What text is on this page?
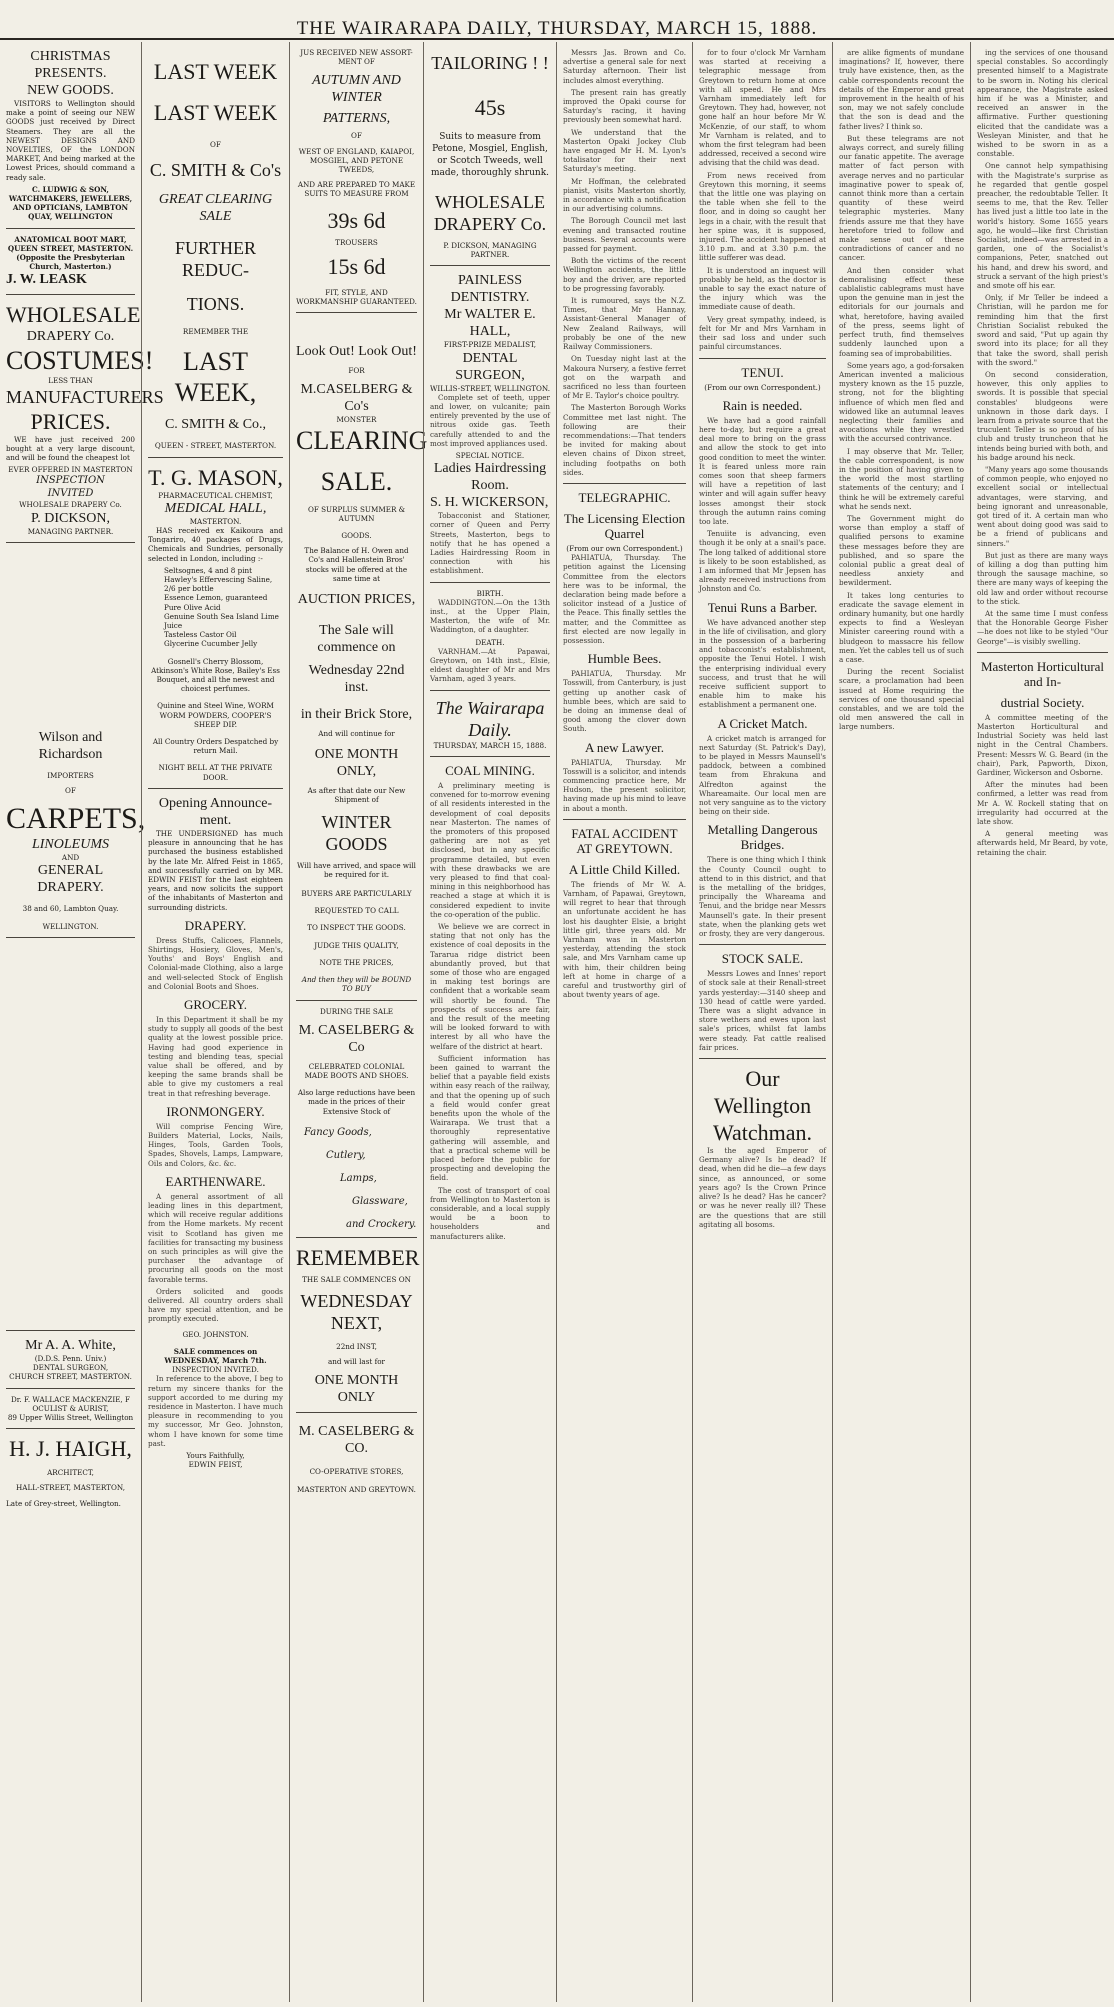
THE WAIRARAPA DAILY, THURSDAY, MARCH 15, 1888.
CHRISTMAS PRESENTS.
NEW GOODS.

VISITORS to Wellington should make a point of seeing our NEW GOODS just received by Direct Steamers. They are all the NEWEST DESIGNS AND NOVELTIES, OF the LONDON MARKET, And being marked at the Lowest Prices, should command a ready sale.

C. LUDWIG & SON, WATCHMAKERS, JEWELLERS, AND OPTICIANS, LAMBTON QUAY, WELLINGTON
ANATOMICAL BOOT MART, QUEEN STREET, MASTERTON. (Opposite the Presbyterian Church, Masterton.)
J. W. LEASK
WHOLESALE
DRAPERY Co.
COSTUMES!
LESS THAN
MANUFACTURERS
PRICES.

WE have just received 200 bought at a very large discount, and will be found the cheapest lot

EVER OFFERED IN MASTERTON
INSPECTION
INVITED
WHOLESALE DRAPERY Co.
P. DICKSON,
MANAGING PARTNER.
Wilson and Richardson
IMPORTERS
OF
CARPETS,
LINOLEUMS
AND
GENERAL DRAPERY.
38 and 60, Lambton Quay.
WELLINGTON.
Mr A. A. White,
(D.D.S. Penn. Univ.)
DENTAL SURGEON,
CHURCH STREET, MASTERTON.
Dr. F. WALLACE MACKENZIE, F
OCULIST & AURIST,
89 Upper Willis Street, Wellington
H. J. HAIGH,
ARCHITECT,
HALL-STREET, MASTERTON,
Late of Grey-street, Wellington.
LAST WEEK
LAST WEEK
OF
C. SMITH & Co's
GREAT CLEARING SALE
FURTHER REDUC-
TIONS.
REMEMBER THE
LAST WEEK,
C. SMITH & Co.,
QUEEN - STREET, MASTERTON.
T. G. MASON,
PHARMACEUTICAL CHEMIST,
MEDICAL HALL,
MASTERTON.

HAS received ex Kaikoura and Tongariro, 40 packages of Drugs, Chemicals and Sundries, personally selected in London, including :-

Seltsognes, 4 and 8 pint
Hawley's Effervescing Saline, 2/6 per bottle
Essence Lemon, guaranteed
Pure Olive Acid
Genuine South Sea Island Lime Juice
Tasteless Castor Oil
Glycerine Cucumber Jelly
Gosnell's Cherry Blossom, Atkinson's White Rose, Bailey's Ess Bouquet, and all the newest and choicest perfumes.
Quinine and Steel Wine, WORM WORM POWDERS, COOPER'S SHEEP DIP.
All Country Orders Despatched by return Mail.
NIGHT BELL AT THE PRIVATE DOOR.
Opening Announce-
ment.

THE UNDERSIGNED has much pleasure in announcing that he has purchased the business established by the late Mr. Alfred Feist in 1865, and successfully carried on by MR. EDWIN FEIST for the last eighteen years, and now solicits the support of the inhabitants of Masterton and surrounding districts.

DRAPERY.

Dress Stuffs, Calicoes, Flannels, Shirtings, Hosiery, Gloves, Men's, Youths' and Boys' English and Colonial-made Clothing, also a large and well-selected Stock of English and Colonial Boots and Shoes.

GROCERY.

In this Department it shall be my study to supply all goods of the best quality at the lowest possible price. Having had good experience in testing and blending teas, special value shall be offered, and by keeping the same brands shall be able to give my customers a real treat in that refreshing beverage.

IRONMONGERY.

Will comprise Fencing Wire, Builders Material, Locks, Nails, Hinges, Tools, Garden Tools, Spades, Shovels, Lamps, Lampware, Oils and Colors, &c. &c.

EARTHENWARE.

A general assortment of all leading lines in this department, which will receive regular additions from the Home markets. My recent visit to Scotland has given me facilities for transacting my business on such principles as will give the purchaser the advantage of procuring all goods on the most favorable terms.

Orders solicited and goods delivered. All country orders shall have my special attention, and be promptly executed.

GEO. JOHNSTON.
SALE commences on WEDNESDAY, March 7th.
INSPECTION INVITED.

In reference to the above, I beg to return my sincere thanks for the support accorded to me during my residence in Masterton. I have much pleasure in recommending to you my successor, Mr Geo. Johnston, whom I have known for some time past.

Yours Faithfully,
EDWIN FEIST,
JUS RECEIVED NEW ASSORT-MENT OF
AUTUMN AND WINTER
PATTERNS,
OF
WEST OF ENGLAND, KAIAPOI, MOSGIEL, AND PETONE TWEEDS,
AND ARE PREPARED TO MAKE SUITS TO MEASURE FROM
39s 6d
TROUSERS
15s 6d
FIT, STYLE, AND WORKMANSHIP GUARANTEED.
Look Out! Look Out!
FOR
M.CASELBERG & Co's
MONSTER
CLEARING
SALE.
OF SURPLUS SUMMER & AUTUMN
GOODS.
The Balance of H. Owen and Co's and Hallenstein Bros' stocks will be offered at the same time at
AUCTION PRICES,
The Sale will commence on
Wednesday 22nd inst.
in their Brick Store,
And will continue for
ONE MONTH ONLY,
As after that date our New Shipment of
WINTER GOODS
Will have arrived, and space will be required for it.
BUYERS ARE PARTICULARLY
REQUESTED TO CALL
TO INSPECT THE GOODS.
JUDGE THIS QUALITY,
NOTE THE PRICES,
And then they will be BOUND TO BUY
DURING THE SALE
M. CASELBERG & Co
CELEBRATED COLONIAL MADE BOOTS AND SHOES.
Also large reductions have been made in the prices of their Extensive Stock of
Fancy Goods,
Cutlery,
Lamps,
Glassware,
and Crockery.
REMEMBER
THE SALE COMMENCES ON
WEDNESDAY NEXT,
22nd INST,
and will last for
ONE MONTH ONLY
M. CASELBERG & CO.
CO-OPERATIVE STORES,
MASTERTON AND GREYTOWN.
TAILORING ! !
45s
Suits to measure from Petone, Mosgiel, English, or Scotch Tweeds, well made, thoroughly shrunk.
WHOLESALE
DRAPERY Co.
P. DICKSON, MANAGING PARTNER.
PAINLESS DENTISTRY.
Mr WALTER E. HALL,
FIRST-PRIZE MEDALIST,
DENTAL SURGEON,
WILLIS-STREET, WELLINGTON.

Complete set of teeth, upper and lower, on vulcanite; pain entirely prevented by the use of nitrous oxide gas. Teeth carefully attended to and the most improved appliances used.

SPECIAL NOTICE.
Ladies Hairdressing
Room.
S. H. WICKERSON,

Tobacconist and Stationer, corner of Queen and Perry Streets, Masterton, begs to notify that he has opened a Ladies Hairdressing Room in connection with his establishment.

BIRTH.

WADDINGTON.—On the 13th inst., at the Upper Plain, Masterton, the wife of Mr. Waddington, of a daughter.

DEATH.

VARNHAM.—At Papawai, Greytown, on 14th inst., Elsie, eldest daughter of Mr and Mrs Varnham, aged 3 years.

The Wairarapa Daily.
THURSDAY, MARCH 15, 1888.
COAL MINING.

A preliminary meeting is convened for to-morrow evening of all residents interested in the development of coal deposits near Masterton. The names of the promoters of this proposed gathering are not as yet disclosed, but in any specific programme detailed, but even with these drawbacks we are very pleased to find that coal-mining in this neighborhood has reached a stage at which it is considered expedient to invite the co-operation of the public.

We believe we are correct in stating that not only has the existence of coal deposits in the Tararua ridge district been abundantly proved, but that some of those who are engaged in making test borings are confident that a workable seam will shortly be found. The prospects of success are fair, and the result of the meeting will be looked forward to with interest by all who have the welfare of the district at heart.

Sufficient information has been gained to warrant the belief that a payable field exists within easy reach of the railway, and that the opening up of such a field would confer great benefits upon the whole of the Wairarapa. We trust that a thoroughly representative gathering will assemble, and that a practical scheme will be placed before the public for prospecting and developing the field.

The cost of transport of coal from Wellington to Masterton is considerable, and a local supply would be a boon to householders and manufacturers alike.

Messrs Jas. Brown and Co. advertise a general sale for next Saturday afternoon. Their list includes almost everything.

The present rain has greatly improved the Opaki course for Saturday's racing, it having previously been somewhat hard.

We understand that the Masterton Opaki Jockey Club have engaged Mr H. M. Lyon's totalisator for their next Saturday's meeting.

Mr Hoffman, the celebrated pianist, visits Masterton shortly, in accordance with a notification in our advertising columns.

The Borough Council met last evening and transacted routine business. Several accounts were passed for payment.

Both the victims of the recent Wellington accidents, the little boy and the driver, are reported to be progressing favorably.

It is rumoured, says the N.Z. Times, that Mr Hannay, Assistant-General Manager of New Zealand Railways, will probably be one of the new Railway Commissioners.

On Tuesday night last at the Makoura Nursery, a festive ferret got on the warpath and sacrificed no less than fourteen of Mr E. Taylor's choice poultry.

The Masterton Borough Works Committee met last night. The following are their recommendations:—That tenders be invited for making about eleven chains of Dixon street, including footpaths on both sides.

TELEGRAPHIC.
The Licensing Election Quarrel
(From our own Correspondent.)

PAHIATUA, Thursday. The petition against the Licensing Committee from the electors here was to be informal, the declaration being made before a solicitor instead of a Justice of the Peace. This finally settles the matter, and the Committee as first elected are now legally in possession.

Humble Bees.

PAHIATUA, Thursday. Mr Tosswill, from Canterbury, is just getting up another cask of humble bees, which are said to be doing an immense deal of good among the clover down South.

A new Lawyer.

PAHIATUA, Thursday. Mr Tosswill is a solicitor, and intends commencing practice here, Mr Hudson, the present solicitor, having made up his mind to leave in about a month.

FATAL ACCIDENT AT GREYTOWN.
A Little Child Killed.

The friends of Mr W. A. Varnham, of Papawai, Greytown, will regret to hear that through an unfortunate accident he has lost his daughter Elsie, a bright little girl, three years old. Mr Varnham was in Masterton yesterday, attending the stock sale, and Mrs Varnham came up with him, their children being left at home in charge of a careful and trustworthy girl of about twenty years of age.

for to four o'clock Mr Varnham was started at receiving a telegraphic message from Greytown to return home at once with all speed. He and Mrs Varnham immediately left for Greytown. They had, however, not gone half an hour before Mr W. McKenzie, of our staff, to whom Mr Varnham is related, and to whom the first telegram had been addressed, received a second wire advising that the child was dead.

From news received from Greytown this morning, it seems that the little one was playing on the table when she fell to the floor, and in doing so caught her legs in a chair, with the result that her spine was, it is supposed, injured. The accident happened at 3.10 p.m. and at 3.30 p.m. the little sufferer was dead.

It is understood an inquest will probably be held, as the doctor is unable to say the exact nature of the injury which was the immediate cause of death.

Very great sympathy, indeed, is felt for Mr and Mrs Varnham in their sad loss and under such painful circumstances.

TENUI.
(From our own Correspondent.)
Rain is needed.

We have had a good rainfall here to-day, but require a great deal more to bring on the grass and allow the stock to get into good condition to meet the winter. It is feared unless more rain comes soon that sheep farmers will have a repetition of last winter and will again suffer heavy losses amongst their stock through the autumn rains coming too late.

Tenuiite is advancing, even though it be only at a snail's pace. The long talked of additional store is likely to be soon established, as I am informed that Mr Jepsen has already received instructions from Johnston and Co.

Tenui Runs a Barber.

We have advanced another step in the life of civilisation, and glory in the possession of a barbering and tobacconist's establishment, opposite the Tenui Hotel. I wish the enterprising individual every success, and trust that he will receive sufficient support to enable him to make his establishment a permanent one.

A Cricket Match.

A cricket match is arranged for next Saturday (St. Patrick's Day), to be played in Messrs Maunsell's paddock, between a combined team from Ehrakuna and Alfredton against the Whareamaite. Our local men are not very sanguine as to the victory being on their side.

Metalling Dangerous Bridges.

There is one thing which I think the County Council ought to attend to in this district, and that is the metalling of the bridges, principally the Whareama and Tenui, and the bridge near Messrs Maunsell's gate. In their present state, when the planking gets wet or frosty, they are very dangerous.

STOCK SALE.

Messrs Lowes and Innes' report of stock sale at their Renall-street yards yesterday:—3140 sheep and 130 head of cattle were yarded. There was a slight advance in store wethers and ewes upon last sale's prices, whilst fat lambs were steady. Fat cattle realised fair prices.

Our Wellington
Watchman.

Is the aged Emperor of Germany alive? Is he dead? If dead, when did he die—a few days since, as announced, or some years ago? Is the Crown Prince alive? Is he dead? Has he cancer? or was he never really ill? These are the questions that are still agitating all bosoms.

are alike figments of mundane imaginations? If, however, there truly have existence, then, as the cable correspondents recount the details of the Emperor and great improvement in the health of his son, may we not safely conclude that the son is dead and the father lives? I think so.

But these telegrams are not always correct, and surely filling our fanatic appetite. The average matter of fact person with average nerves and no particular imaginative power to speak of, cannot think more than a certain quantity of these weird telegraphic mysteries. Many friends assure me that they have heretofore tried to follow and make sense out of these contradictions of cancer and no cancer.

And then consider what demoralising effect these cablalistic cablegrams must have upon the genuine man in jest the editorials for our journals and what, heretofore, having availed of the press, seems light of perfect truth, find themselves suddenly launched upon a foaming sea of improbabilities.

Some years ago, a god-forsaken American invented a malicious mystery known as the 15 puzzle, strong, not for the blighting influence of which men fled and widowed like an autumnal leaves neglecting their families and avocations while they wrestled with the accursed contrivance.

I may observe that Mr. Teller, the cable correspondent, is now in the position of having given to the world the most startling statements of the century; and I think he will be extremely careful what he sends next.

The Government might do worse than employ a staff of qualified persons to examine these messages before they are published, and so spare the colonial public a great deal of needless anxiety and bewilderment.

It takes long centuries to eradicate the savage element in ordinary humanity, but one hardly expects to find a Wesleyan Minister careering round with a bludgeon to massacre his fellow men. Yet the cables tell us of such a case.

During the recent Socialist scare, a proclamation had been issued at Home requiring the services of one thousand special constables, and we are told the old men answered the call in large numbers.

ing the services of one thousand special constables. So accordingly presented himself to a Magistrate to be sworn in. Noting his clerical appearance, the Magistrate asked him if he was a Minister, and received an answer in the affirmative. Further questioning elicited that the candidate was a Wesleyan Minister, and that he wished to be sworn in as a constable.

One cannot help sympathising with the Magistrate's surprise as he regarded that gentle gospel preacher, the redoubtable Teller. It seems to me, that the Rev. Teller has lived just a little too late in the world's history. Some 1655 years ago, he would—like first Christian Socialist, indeed—was arrested in a garden, one of the Socialist's companions, Peter, snatched out his hand, and drew his sword, and struck a servant of the high priest's and smote off his ear.

Only, if Mr Teller be indeed a Christian, will he pardon me for reminding him that the first Christian Socialist rebuked the sword and said, "Put up again thy sword into its place; for all they that take the sword, shall perish with the sword."

On second consideration, however, this only applies to swords. It is possible that special constables' bludgeons were unknown in those dark days. I learn from a private source that the truculent Teller is so proud of his club and trusty truncheon that he intends being buried with both, and his badge around his neck.

"Many years ago some thousands of common people, who enjoyed no excellent social or intellectual advantages, were starving, and being ignorant and unreasonable, got tired of it. A certain man who went about doing good was said to be a friend of publicans and sinners."

But just as there are many ways of killing a dog than putting him through the sausage machine, so there are many ways of keeping the old law and order without recourse to the stick.

At the same time I must confess that the Honorable George Fisher—he does not like to be styled "Our George"—is visibly swelling.

Masterton Horticultural and In-
dustrial Society.

A committee meeting of the Masterton Horticultural and Industrial Society was held last night in the Central Chambers. Present: Messrs W. G. Beard (in the chair), Park, Papworth, Dixon, Gardiner, Wickerson and Osborne.

After the minutes had been confirmed, a letter was read from Mr A. W. Rockell stating that on irregularity had occurred at the late show.

A general meeting was afterwards held, Mr Beard, by vote, retaining the chair.
